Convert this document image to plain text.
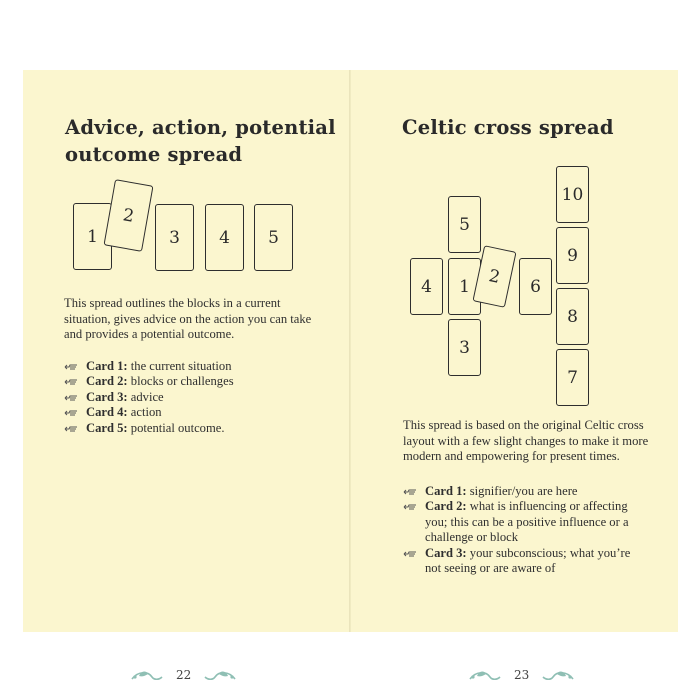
Advice, action, potential
outcome spread
1
2
3	4	5

This spread outlines the blocks in a current situation, gives advice on the action you can take and provides a potential outcome.

Card 1: the current situation
Card 2: blocks or challenges
Card 3: advice
Card 4: action
Card 5: potential outcome.
22
Celtic cross spread
10
5
9
4	1	6
8
2
3
7

This spread is based on the original Celtic cross layout with a few slight changes to make it more modern and empowering for present times.

Card 1: signifier/you are here
Card 2: what is influencing or affecting you; this can be a positive influence or a challenge or block
Card 3: your subconscious; what you’re not seeing or are aware of
23
